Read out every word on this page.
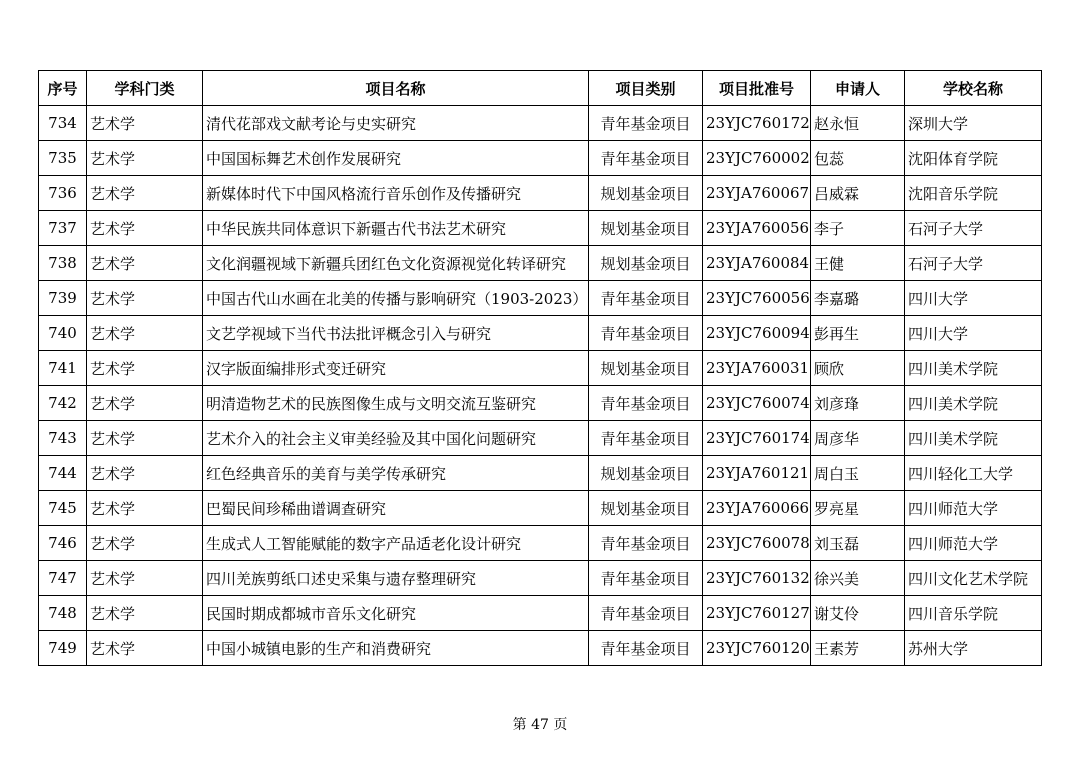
序号	学科门类	项目名称	项目类别	项目批准号	申请人	学校名称
734	艺术学	清代花部戏文献考论与史实研究	青年基金项目	23YJC760172	赵永恒	深圳大学
735	艺术学	中国国标舞艺术创作发展研究	青年基金项目	23YJC760002	包蕊	沈阳体育学院
736	艺术学	新媒体时代下中国风格流行音乐创作及传播研究	规划基金项目	23YJA760067	吕威霖	沈阳音乐学院
737	艺术学	中华民族共同体意识下新疆古代书法艺术研究	规划基金项目	23YJA760056	李子	石河子大学
738	艺术学	文化润疆视域下新疆兵团红色文化资源视觉化转译研究	规划基金项目	23YJA760084	王健	石河子大学
739	艺术学	中国古代山水画在北美的传播与影响研究（1903-2023）	青年基金项目	23YJC760056	李嘉璐	四川大学
740	艺术学	文艺学视域下当代书法批评概念引入与研究	青年基金项目	23YJC760094	彭再生	四川大学
741	艺术学	汉字版面编排形式变迁研究	规划基金项目	23YJA760031	顾欣	四川美术学院
742	艺术学	明清造物艺术的民族图像生成与文明交流互鉴研究	青年基金项目	23YJC760074	刘彦琒	四川美术学院
743	艺术学	艺术介入的社会主义审美经验及其中国化问题研究	青年基金项目	23YJC760174	周彦华	四川美术学院
744	艺术学	红色经典音乐的美育与美学传承研究	规划基金项目	23YJA760121	周白玉	四川轻化工大学
745	艺术学	巴蜀民间珍稀曲谱调查研究	规划基金项目	23YJA760066	罗亮星	四川师范大学
746	艺术学	生成式人工智能赋能的数字产品适老化设计研究	青年基金项目	23YJC760078	刘玉磊	四川师范大学
747	艺术学	四川羌族剪纸口述史采集与遗存整理研究	青年基金项目	23YJC760132	徐兴美	四川文化艺术学院
748	艺术学	民国时期成都城市音乐文化研究	青年基金项目	23YJC760127	谢艾伶	四川音乐学院
749	艺术学	中国小城镇电影的生产和消费研究	青年基金项目	23YJC760120	王素芳	苏州大学
第 47 页
